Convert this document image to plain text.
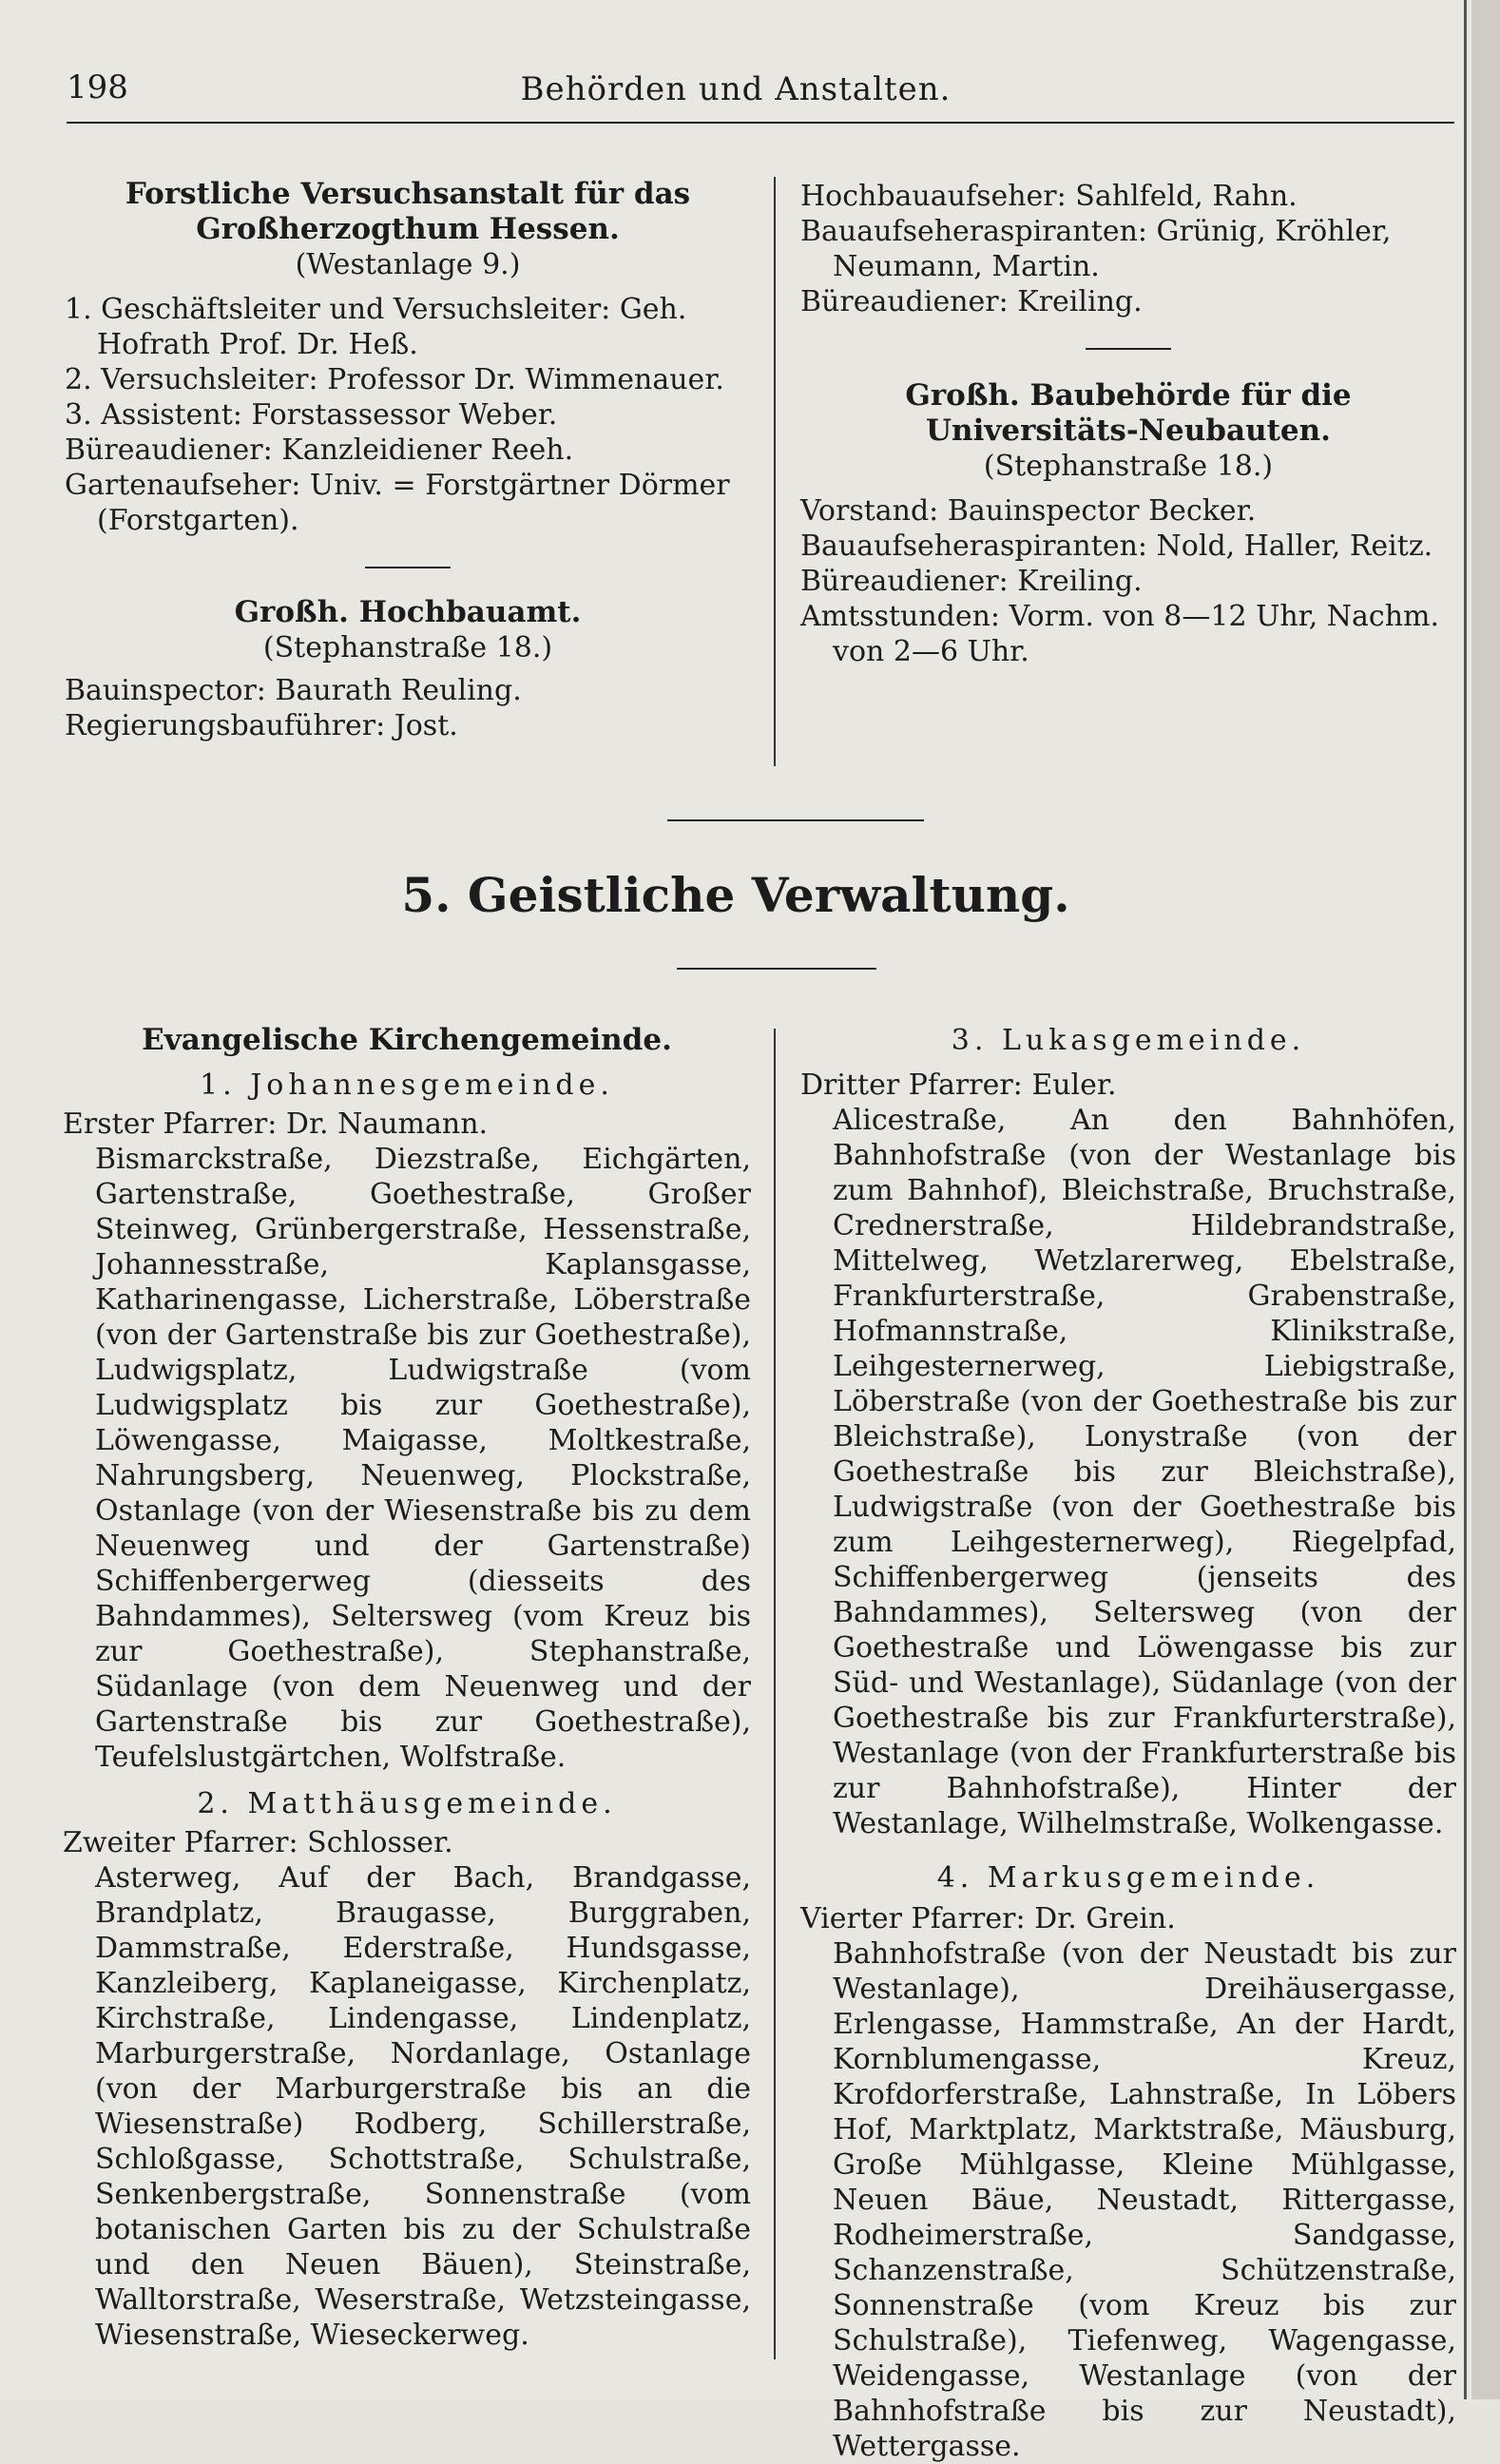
198	Behörden und Anstalten.

Forstliche Versuchsanstalt für das Großherzogthum Hessen.

(Westanlage 9.)

1. Geschäftsleiter und Versuchsleiter: Geh. Hofrath Prof. Dr. Heß.

2. Versuchsleiter: Professor Dr. Wimmenauer.

3. Assistent: Forstassessor Weber.

Büreaudiener: Kanzleidiener Reeh.

Gartenaufseher: Univ. = Forstgärtner Dörmer (Forstgarten).

Großh. Hochbauamt.

(Stephanstraße 18.)

Bauinspector: Baurath Reuling.

Regierungsbauführer: Jost.

Hochbauaufseher: Sahlfeld, Rahn.

Bauaufseheraspiranten: Grünig, Kröhler, Neumann, Martin.

Büreaudiener: Kreiling.

Großh. Baubehörde für die Universitäts-Neubauten.

(Stephanstraße 18.)

Vorstand: Bauinspector Becker.

Bauaufseheraspiranten: Nold, Haller, Reitz.

Büreaudiener: Kreiling.

Amtsstunden: Vorm. von 8—12 Uhr, Nachm. von 2—6 Uhr.

5. Geistliche Verwaltung.

Evangelische Kirchengemeinde.

1. Johannesgemeinde.

Erster Pfarrer: Dr. Naumann.

Bismarckstraße, Diezstraße, Eichgärten, Gartenstraße, Goethestraße, Großer Steinweg, Grünbergerstraße, Hessenstraße, Johannesstraße, Kaplansgasse, Katharinengasse, Licherstraße, Löberstraße (von der Gartenstraße bis zur Goethestraße), Ludwigsplatz, Ludwigstraße (vom Ludwigsplatz bis zur Goethestraße), Löwengasse, Maigasse, Moltkestraße, Nahrungsberg, Neuenweg, Plockstraße, Ostanlage (von der Wiesenstraße bis zu dem Neuenweg und der Gartenstraße) Schiffenbergerweg (diesseits des Bahndammes), Seltersweg (vom Kreuz bis zur Goethestraße), Stephanstraße, Südanlage (von dem Neuenweg und der Gartenstraße bis zur Goethestraße), Teufelslustgärtchen, Wolfstraße.

2. Matthäusgemeinde.

Zweiter Pfarrer: Schlosser.

Asterweg, Auf der Bach, Brandgasse, Brandplatz, Braugasse, Burggraben, Dammstraße, Ederstraße, Hundsgasse, Kanzleiberg, Kaplaneigasse, Kirchenplatz, Kirchstraße, Lindengasse, Lindenplatz, Marburgerstraße, Nordanlage, Ostanlage (von der Marburgerstraße bis an die Wiesenstraße) Rodberg, Schillerstraße, Schloßgasse, Schottstraße, Schulstraße, Senkenbergstraße, Sonnenstraße (vom botanischen Garten bis zu der Schulstraße und den Neuen Bäuen), Steinstraße, Walltorstraße, Weserstraße, Wetzsteingasse, Wiesenstraße, Wieseckerweg.

3. Lukasgemeinde.

Dritter Pfarrer: Euler.

Alicestraße, An den Bahnhöfen, Bahnhofstraße (von der Westanlage bis zum Bahnhof), Bleichstraße, Bruchstraße, Crednerstraße, Hildebrandstraße, Mittelweg, Wetzlarerweg, Ebelstraße, Frankfurterstraße, Grabenstraße, Hofmannstraße, Klinikstraße, Leihgesternerweg, Liebigstraße, Löberstraße (von der Goethestraße bis zur Bleichstraße), Lonystraße (von der Goethestraße bis zur Bleichstraße), Ludwigstraße (von der Goethestraße bis zum Leihgesternerweg), Riegelpfad, Schiffenbergerweg (jenseits des Bahndammes), Seltersweg (von der Goethestraße und Löwengasse bis zur Süd- und Westanlage), Südanlage (von der Goethestraße bis zur Frankfurterstraße), Westanlage (von der Frankfurterstraße bis zur Bahnhofstraße), Hinter der Westanlage, Wilhelmstraße, Wolkengasse.

4. Markusgemeinde.

Vierter Pfarrer: Dr. Grein.

Bahnhofstraße (von der Neustadt bis zur Westanlage), Dreihäusergasse, Erlengasse, Hammstraße, An der Hardt, Kornblumengasse, Kreuz, Krofdorferstraße, Lahnstraße, In Löbers Hof, Marktplatz, Marktstraße, Mäusburg, Große Mühlgasse, Kleine Mühlgasse, Neuen Bäue, Neustadt, Rittergasse, Rodheimerstraße, Sandgasse, Schanzenstraße, Schützenstraße, Sonnenstraße (vom Kreuz bis zur Schulstraße), Tiefenweg, Wagengasse, Weidengasse, Westanlage (von der Bahnhofstraße bis zur Neustadt), Wettergasse.
